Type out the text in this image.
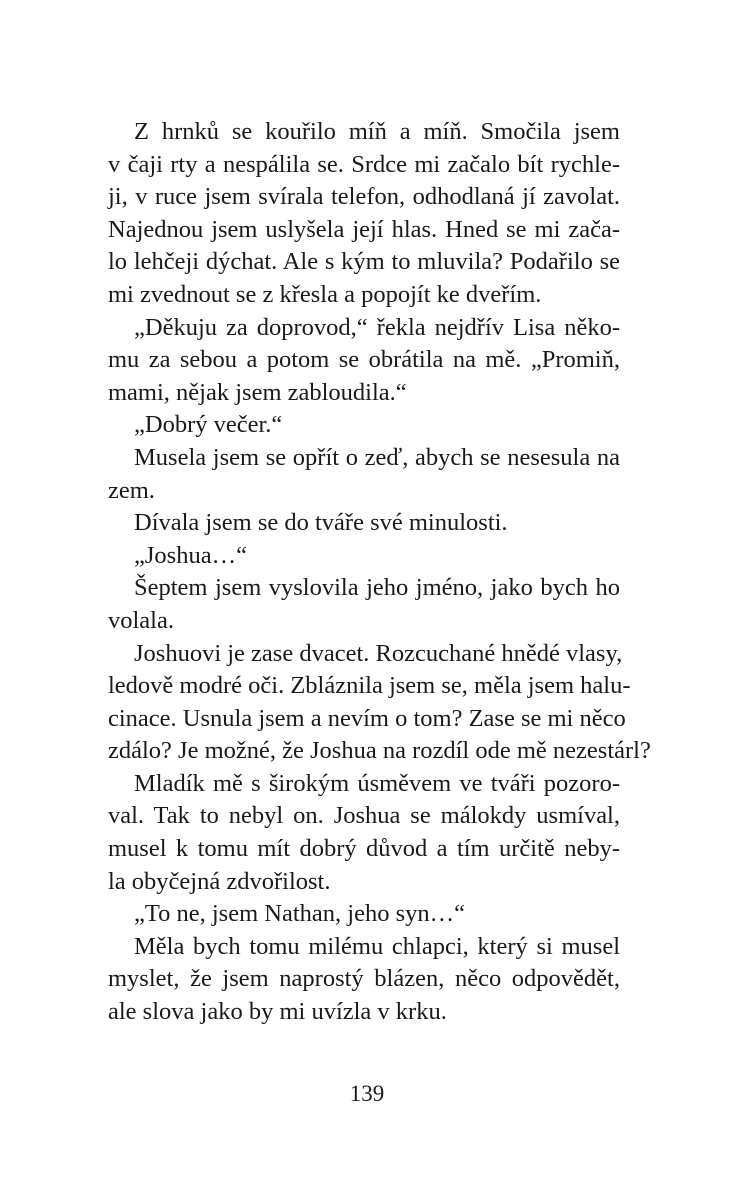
Z hrnků se kouřilo míň a míň. Smočila jsem
v čaji rty a nespálila se. Srdce mi začalo bít rychle-
ji, v ruce jsem svírala telefon, odhodlaná jí zavolat.
Najednou jsem uslyšela její hlas. Hned se mi zača-
lo lehčeji dýchat. Ale s kým to mluvila? Podařilo se
mi zvednout se z křesla a popojít ke dveřím.
„Děkuju za doprovod,“ řekla nejdřív Lisa něko-
mu za sebou a potom se obrátila na mě. „Promiň,
mami, nějak jsem zabloudila.“
„Dobrý večer.“
Musela jsem se opřít o zeď, abych se nesesula na
zem.
Dívala jsem se do tváře své minulosti.
„Joshua…“
Šeptem jsem vyslovila jeho jméno, jako bych ho
volala.
Joshuovi je zase dvacet. Rozcuchané hnědé vlasy,
ledově modré oči. Zbláznila jsem se, měla jsem halu-
cinace. Usnula jsem a nevím o tom? Zase se mi něco
zdálo? Je možné, že Joshua na rozdíl ode mě nezestárl?
Mladík mě s širokým úsměvem ve tváři pozoro-
val. Tak to nebyl on. Joshua se málokdy usmíval,
musel k tomu mít dobrý důvod a tím určitě neby-
la obyčejná zdvořilost.
„To ne, jsem Nathan, jeho syn…“
Měla bych tomu milému chlapci, který si musel
myslet, že jsem naprostý blázen, něco odpovědět,
ale slova jako by mi uvízla v krku.
139
